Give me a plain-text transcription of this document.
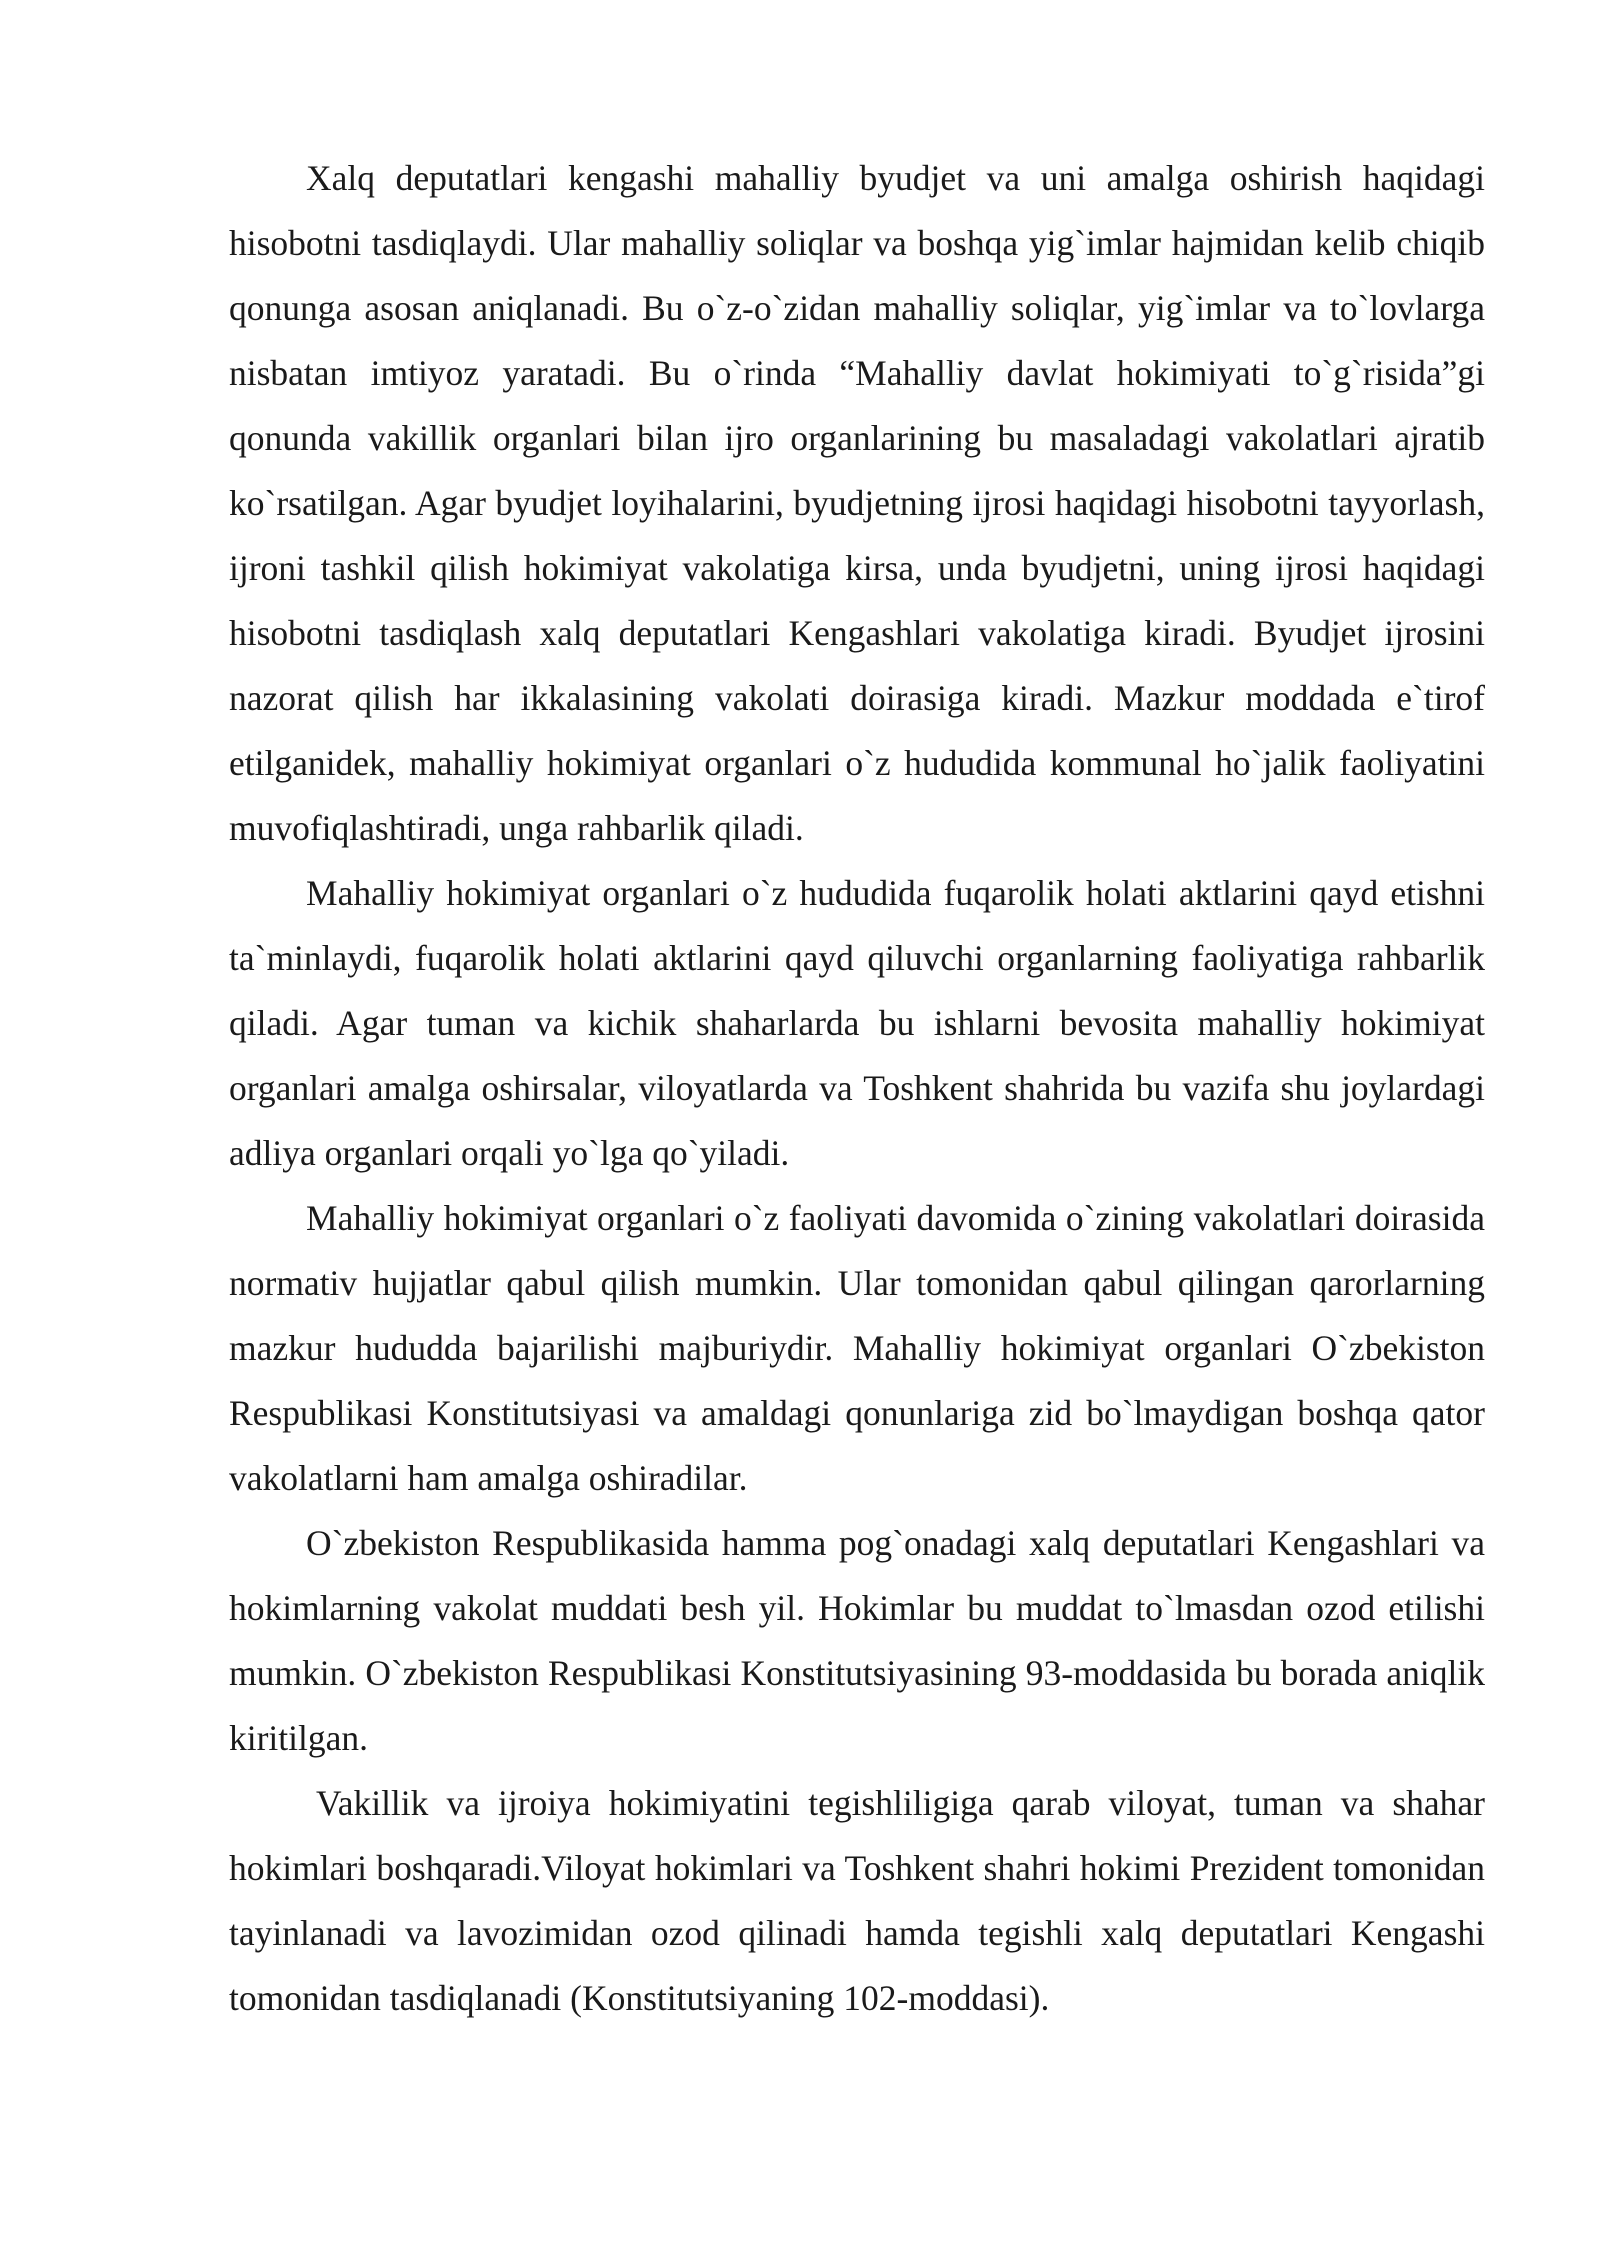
Xalq deputatlari kengashi mahalliy byudjet va uni amalga oshirish haqidagi hisobotni tasdiqlaydi. Ular mahalliy soliqlar va boshqa yig`imlar hajmidan kelib chiqib qonunga asosan aniqlanadi. Bu o`z-o`zidan mahalliy soliqlar, yig`imlar va to`lovlarga nisbatan imtiyoz yaratadi. Bu o`rinda “Mahalliy davlat hokimiyati to`g`risida”gi qonunda vakillik organlari bilan ijro organlarining bu masaladagi vakolatlari ajratib ko`rsatilgan. Agar byudjet loyihalarini, byudjetning ijrosi haqidagi hisobotni tayyorlash, ijroni tashkil qilish hokimiyat vakolatiga kirsa, unda byudjetni, uning ijrosi haqidagi hisobotni tasdiqlash xalq deputatlari Kengashlari vakolatiga kiradi. Byudjet ijrosini nazorat qilish har ikkalasining vakolati doirasiga kiradi. Mazkur moddada e`tirof etilganidek, mahalliy hokimiyat organlari o`z hududida kommunal ho`jalik faoliyatini muvofiqlashtiradi, unga rahbarlik qiladi.

Mahalliy hokimiyat organlari o`z hududida fuqarolik holati aktlarini qayd etishni ta`minlaydi, fuqarolik holati aktlarini qayd qiluvchi organlarning faoliyatiga rahbarlik qiladi. Agar tuman va kichik shaharlarda bu ishlarni bevosita mahalliy hokimiyat organlari amalga oshirsalar, viloyatlarda va Toshkent shahrida bu vazifa shu joylardagi adliya organlari orqali yo`lga qo`yiladi.

Mahalliy hokimiyat organlari o`z faoliyati davomida o`zining vakolatlari doirasida normativ hujjatlar qabul qilish mumkin. Ular tomonidan qabul qilingan qarorlarning mazkur hududda bajarilishi majburiydir. Mahalliy hokimiyat organlari O`zbekiston Respublikasi Konstitutsiyasi va amaldagi qonunlariga zid bo`lmaydigan boshqa qator vakolatlarni ham amalga oshiradilar.

O`zbekiston Respublikasida hamma pog`onadagi xalq deputatlari Kengashlari va hokimlarning vakolat muddati besh yil. Hokimlar bu muddat to`lmasdan ozod etilishi mumkin. O`zbekiston Respublikasi Konstitutsiyasining 93-moddasida bu borada aniqlik kiritilgan.

Vakillik va ijroiya hokimiyatini tegishliligiga qarab viloyat, tuman va shahar hokimlari boshqaradi.Viloyat hokimlari va Toshkent shahri hokimi Prezident tomonidan tayinlanadi va lavozimidan ozod qilinadi hamda tegishli xalq deputatlari Kengashi tomonidan tasdiqlanadi (Konstitutsiyaning 102-moddasi).
